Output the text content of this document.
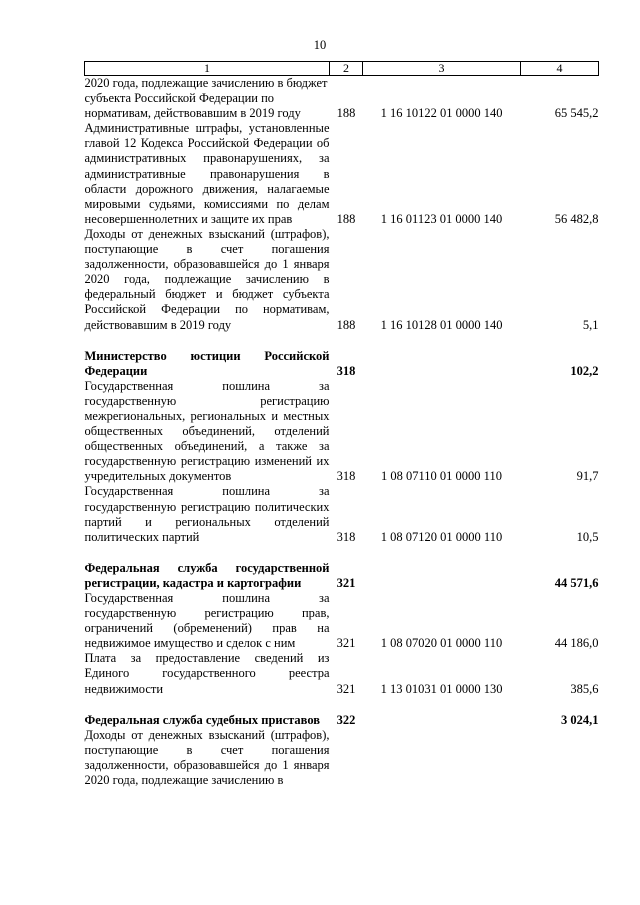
10
1	2	3	4
2020 года, подлежащие зачислению в бюджет субъекта Российской Федерации по нормативам, действовавшим в 2019 году	188	1 16 10122 01 0000 140	65 545,2
Административные штрафы, установленные главой 12 Кодекса Российской Федерации об административных правонарушениях, за административные правонарушения в области дорожного движения, налагаемые мировыми судьями, комиссиями по делам несовершеннолетних и защите их прав	188	1 16 01123 01 0000 140	56 482,8
Доходы от денежных взысканий (штрафов), поступающие в счет погашения задолженности, образовавшейся до 1 января 2020 года, подлежащие зачислению в федеральный бюджет и бюджет субъекта Российской Федерации по нормативам, действовавшим в 2019 году	188	1 16 10128 01 0000 140	5,1

Министерство юстиции Российской Федерации	318		102,2
Государственная пошлина за государственную регистрацию межрегиональных, региональных и местных общественных объединений, отделений общественных объединений, а также за государственную регистрацию изменений их учредительных документов	318	1 08 07110 01 0000 110	91,7
Государственная пошлина за государственную регистрацию политических партий и региональных отделений политических партий	318	1 08 07120 01 0000 110	10,5

Федеральная служба государственной регистрации, кадастра и картографии	321		44 571,6
Государственная пошлина за государственную регистрацию прав, ограничений (обременений) прав на недвижимое имущество и сделок с ним	321	1 08 07020 01 0000 110	44 186,0
Плата за предоставление сведений из Единого государственного реестра недвижимости	321	1 13 01031 01 0000 130	385,6

Федеральная служба судебных приставов	322		3 024,1
Доходы от денежных взысканий (штрафов), поступающие в счет погашения задолженности, образовавшейся до 1 января 2020 года, подлежащие зачислению в			
